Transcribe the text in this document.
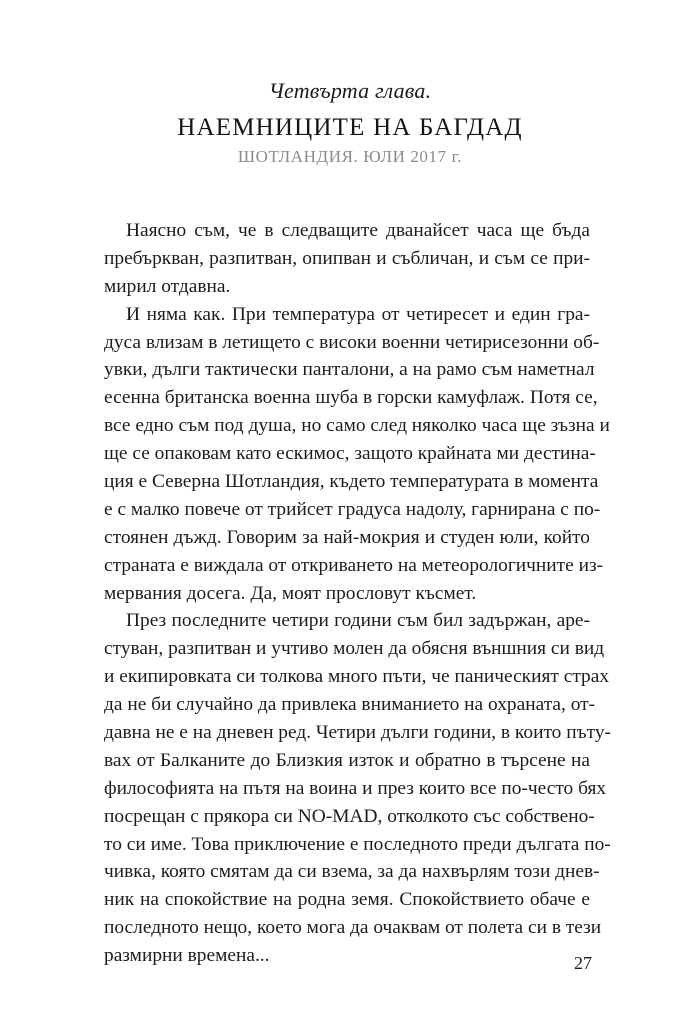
Четвърта глава.
НАЕМНИЦИТЕ НА БАГДАД
ШОТЛАНДИЯ. ЮЛИ 2017 г.
Наясно съм, че в следващите дванайсет часа ще бъда
пребъркван, разпитван, опипван и събличан, и съм се при-
мирил отдавна.
И няма как. При температура от четиресет и един гра-
дуса влизам в летището с високи военни четирисезонни об-
увки, дълги тактически панталони, а на рамо съм наметнал
есенна британска военна шуба в горски камуфлаж. Потя се,
все едно съм под душа, но само след няколко часа ще зъзна и
ще се опаковам като ескимос, защото крайната ми дестина-
ция е Северна Шотландия, където температурата в момента
е с малко повече от трийсет градуса надолу, гарнирана с по-
стоянен дъжд. Говорим за най-мокрия и студен юли, който
страната е виждала от откриването на метеорологичните из-
мервания досега. Да, моят прословут късмет.
През последните четири години съм бил задържан, аре-
стуван, разпитван и учтиво молен да обясня външния си вид
и екипировката си толкова много пъти, че паническият страх
да не би случайно да привлека вниманието на охраната, от-
давна не е на дневен ред. Четири дълги години, в които пъту-
вах от Балканите до Близкия изток и обратно в търсене на
философията на пътя на воина и през които все по-често бях
посрещан с прякора си NO-MAD, отколкото със собствено-
то си име. Това приключение е последното преди дългата по-
чивка, която смятам да си взема, за да нахвърлям този днев-
ник на спокойствие на родна земя. Спокойствието обаче е
последното нещо, което мога да очаквам от полета си в тези
размирни времена...	27
